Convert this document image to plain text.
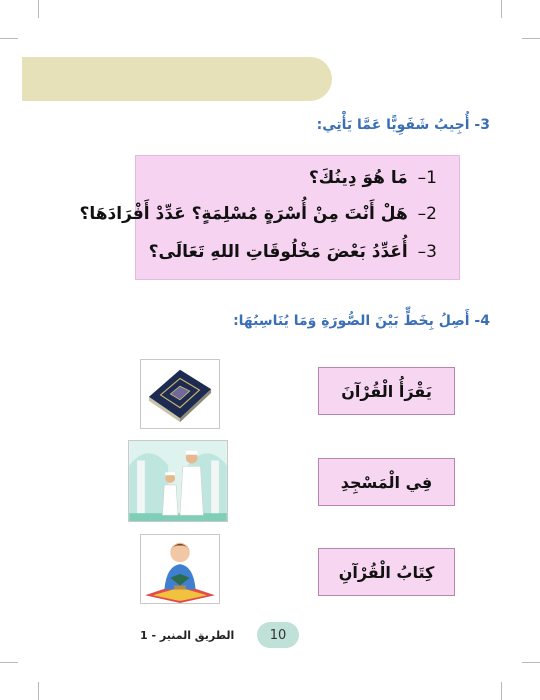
3- أُجِيبُ شَفَوِيًّا عَمَّا يَأْتِي:
1– مَا هُوَ دِينُكَ؟
2– هَلْ أَنْتَ مِنْ أُسْرَةٍ مُسْلِمَةٍ؟ عَدِّدْ أَفْرَادَهَا؟
3– أُعَدِّدُ بَعْضَ مَخْلُوقَاتِ اللهِ تَعَالَى؟
4- أَصِلُ بِخَطٍّ بَيْنَ الصُّورَةِ وَمَا يُنَاسِبُهَا:
يَقْرَأُ الْقُرْآنَ
فِي الْمَسْجِدِ
كِتَابُ الْقُرْآنِ
10
الطريق المنير - 1
